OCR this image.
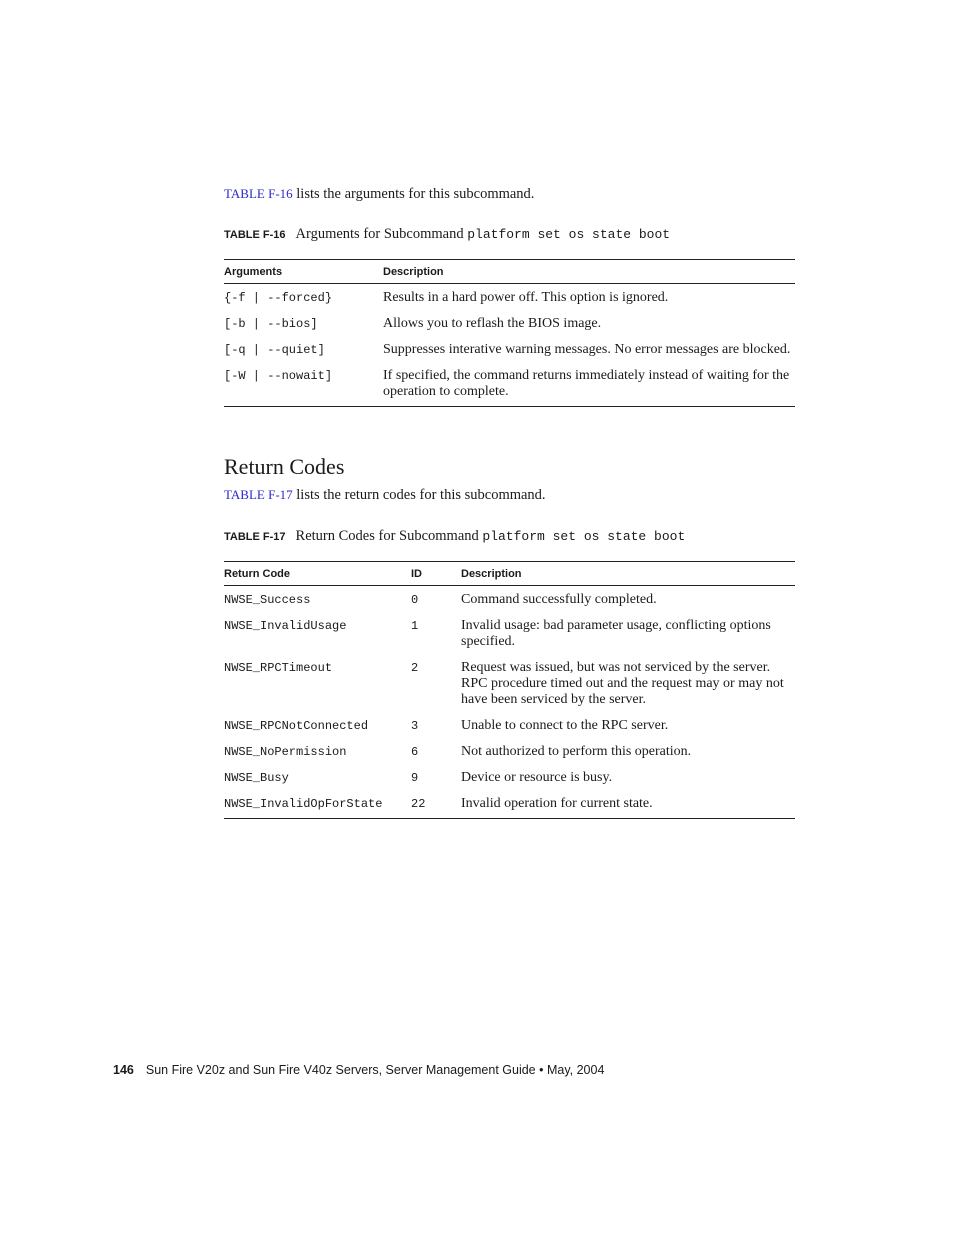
TABLE F-16 lists the arguments for this subcommand.

TABLE F-16 Arguments for Subcommand platform set os state boot
Arguments	Description
{-f | --forced}	Results in a hard power off. This option is ignored.
[-b | --bios]	Allows you to reflash the BIOS image.
[-q | --quiet]	Suppresses interative warning messages. No error messages are blocked.
[-W | --nowait]	If specified, the command returns immediately instead of waiting for the operation to complete.
Return Codes

TABLE F-17 lists the return codes for this subcommand.

TABLE F-17 Return Codes for Subcommand platform set os state boot
Return Code	ID	Description
NWSE_Success	0	Command successfully completed.
NWSE_InvalidUsage	1	Invalid usage: bad parameter usage, conflicting options specified.
NWSE_RPCTimeout	2	Request was issued, but was not serviced by the server. RPC procedure timed out and the request may or may not have been serviced by the server.
NWSE_RPCNotConnected	3	Unable to connect to the RPC server.
NWSE_NoPermission	6	Not authorized to perform this operation.
NWSE_Busy	9	Device or resource is busy.
NWSE_InvalidOpForState	22	Invalid operation for current state.
146 Sun Fire V20z and Sun Fire V40z Servers, Server Management Guide • May, 2004
